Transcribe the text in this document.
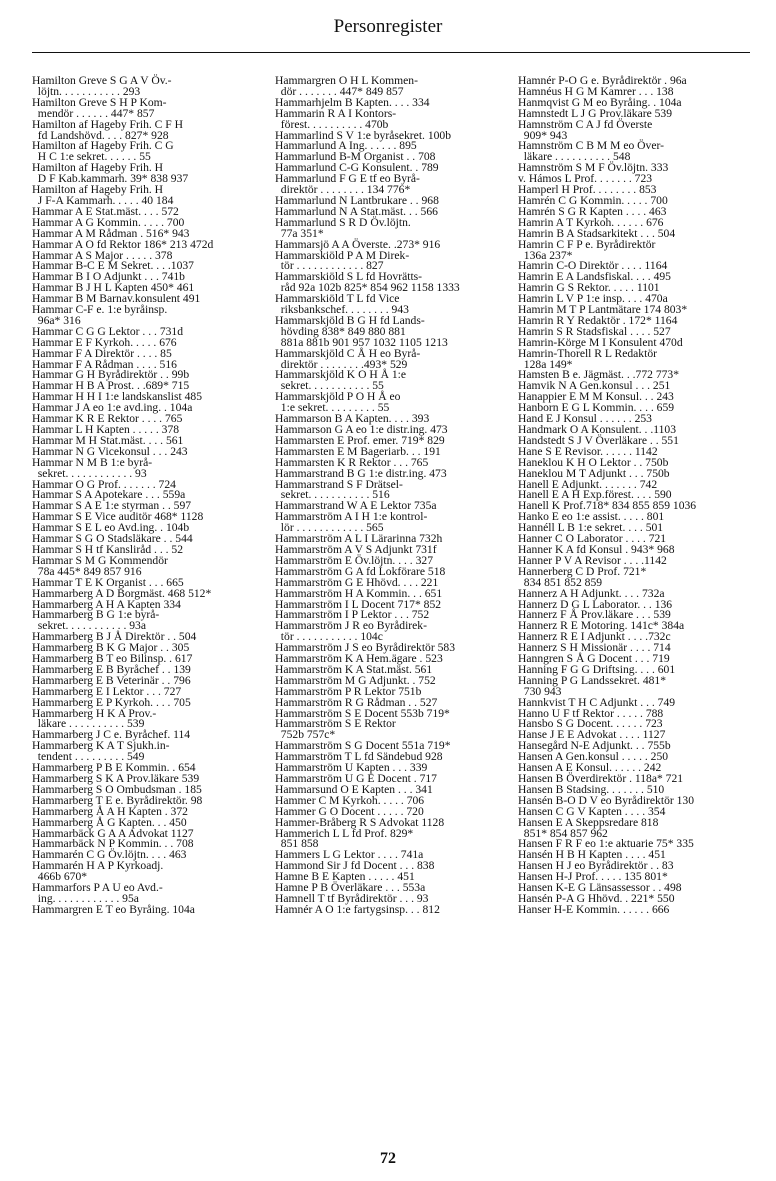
Personregister
Hamilton Greve S G A V Öv.-
löjtn. . . . . . . . . . . 293
Hamilton Greve S H P Kom-
mendör . . . . . . 447* 857
Hamilton af Hageby Frih. C F H
fd Landshövd. . . . 827* 928
Hamilton af Hageby Frih. C G
H C 1:e sekret. . . . . . 55
Hamilton af Hageby Frih. H
D F Kab.kammarh. 39* 838 937
Hamilton af Hageby Frih. H
J F-A Kammarh. . . . . 40 184
Hammar A E Stat.mäst. . . . 572
Hammar A G Kommin. . . . . 700
Hammar A M Rådman . 516* 943
Hammar A O fd Rektor 186* 213 472d
Hammar A S Major . . . . . 378
Hammar B-C E M Sekret. . . .1037
Hammar B I O Adjunkt . . . 741b
Hammar B J H L Kapten 450* 461
Hammar B M Barnav.konsulent 491
Hammar C-F e. 1:e byråinsp.
96a* 316
Hammar C G G Lektor . . . 731d
Hammar E F Kyrkoh. . . . . 676
Hammar F A Direktör . . . . 85
Hammar F A Rådman . . . . 516
Hammar G H Byrådirektör . . 99b
Hammar H B A Prost. . .689* 715
Hammar H H I 1:e landskanslist 485
Hammar J A eo 1:e avd.ing. . 104a
Hammar K R E Rektor . . . . 765
Hammar L H Kapten . . . . . 378
Hammar M H Stat.mäst. . . . 561
Hammar N G Vicekonsul . . . 243
Hammar N M B 1:e byrå-
sekret. . . . . . . . . . . . 93
Hammar O G Prof. . . . . . . 724
Hammar S A Apotekare . . . 559a
Hammar S A E 1:e styrman . . 597
Hammar S E Vice auditör 468* 1128
Hammar S E L eo Avd.ing. . 104b
Hammar S G O Stadsläkare . . 544
Hammar S H tf Kanslіråd . . . 52
Hammar S M G Kommendör
78a 445* 849 857 916
Hammar T E K Organist . . . 665
Hammarberg A D Borgmäst. 468 512*
Hammarberg A H A Kapten 334
Hammarberg B G 1:e byrå-
sekret. . . . . . . . . . . 93a
Hammarberg B J Å Direktör . . 504
Hammarberg B K G Major . . 305
Hammarberg B T eo Bilinsp. . 617
Hammarberg E B Byråchef . . 139
Hammarberg E B Veterinär . . 796
Hammarberg E I Lektor . . . 727
Hammarberg E P Kyrkoh. . . . 705
Hammarberg H K A Prov.-
läkare . . . . . . . . . . 539
Hammarberg J C e. Byråchef. 114
Hammarberg K A T Sjukh.in-
tendent . . . . . . . . . 549
Hammarberg P B E Kommin. . 654
Hammarberg S K A Prov.läkare 539
Hammarberg S O Ombudsman . 185
Hammarberg T E e. Byrådirektör. 98
Hammarberg Å A H Kapten . 372
Hammarberg Å G Kapten. . . 450
Hammarbäck G A A Advokat 1127
Hammarbäck N P Kommin. . . 708
Hammarén C G Öv.löjtn. . . . 463
Hammarén H A P Kyrkoadj.
466b 670*
Hammarfors P A U eo Avd.-
ing. . . . . . . . . . . . 95a
Hammargren E T eo Byråing. 104a
Hammargren O H L Kommen-
dör . . . . . . . 447* 849 857
Hammarhjelm B Kapten. . . . 334
Hammarin R A I Kontors-
förest. . . . . . . . . . 470b
Hammarlind S V 1:e byråsekret. 100b
Hammarlund A Ing. . . . . . 895
Hammarlund B-M Organist . . 708
Hammarlund C-G Konsulent. . 789
Hammarlund F G E tf eo Byrå-
direktör . . . . . . . . 134 776*
Hammarlund N Lantbrukare . . 968
Hammarlund N A Stat.mäst. . . 566
Hammarlund S R D Öv.löjtn.
77a 351*
Hammarsjö A A Överste. .273* 916
Hammarskiöld P A M Direk-
tör . . . . . . . . . . . . 827
Hammarskiöld S L fd Hovrätts-
råd 92a 102b 825* 854 962 1158 1333
Hammarskiöld T L fd Vice
riksbankschef. . . . . . . . 943
Hammarskjöld B G H fd Lands-
hövding 838* 849 880 881
881a 881b 901 957 1032 1105 1213
Hammarskjöld C Å H eo Byrå-
direktör . . . . . . . .493* 529
Hammarskjöld K O H Å 1:e
sekret. . . . . . . . . . . 55
Hammarskjöld P O H Å eo
1:e sekret. . . . . . . . . 55
Hammarson B A Kapten. . . . 393
Hammarson G A eo 1:e distr.ing. 473
Hammarsten E Prof. emer. 719* 829
Hammarsten E M Bageriarb. . . 191
Hammarsten K R Rektor . . . 765
Hammarstrand B G 1:e distr.ing. 473
Hammarstrand S F Drätsel-
sekret. . . . . . . . . . . 516
Hammarstrand W A E Lektor 735a
Hammarström A I H 1:e kontrol-
lör . . . . . . . . . . . . 565
Hammarström A L I Lärarinna 732h
Hammarström A V S Adjunkt 731f
Hammarström E Öv.löjtn. . . . 327
Hammarström G A fd Lokförare 518
Hammarström G E Hhövd. . . . 221
Hammarström H A Kommin. . . 651
Hammarström I L Docent 717* 852
Hammarström I P Lektor . . . 752
Hammarström J R eo Byrådirek-
tör . . . . . . . . . . . 104c
Hammarström J S eo Byrådirektör 583
Hammarström K A Hem.ägare . 523
Hammarström K A Stat.mäst. 561
Hammarström M G Adjunkt. . 752
Hammarström P R Lektor 751b
Hammarström R G Rådman . . 527
Hammarström S E Docent 553b 719*
Hammarström S E Rektor
752b 757c*
Hammarström S G Docent 551a 719*
Hammarström T L fd Sändebud 928
Hammarström U Kapten . . . 339
Hammarström U G E Docent . 717
Hammarsund O E Kapten . . . 341
Hammer C M Kyrkoh. . . . . 706
Hammer G O Docent . . . . . 720
Hammer-Bråberg R S Advokat 1128
Hammerich L L fd Prof. 829*
851 858
Hammers L G Lektor . . . . 741a
Hammond Sir J fd Docent . . . 838
Hamne B E Kapten . . . . . 451
Hamne P B Överläkare . . . 553a
Hamnell T tf Byrådirektör . . . 93
Hamnér A O 1:e fartygsinsp. . . 812
Hamnér P-O G e. Byrådirektör . 96a
Hamnéus H G M Kamrer . . . 138
Hanmqvist G M eo Byråing. . 104a
Hamnstedt L J G Prov.läkare 539
Hamnström C A J fd Överste
909* 943
Hamnström C B M M eo Över-
läkare . . . . . . . . . . 548
Hamnström S M F Öv.löjtn. 333
v. Hámos L Prof. . . . . . . 723
Hamperl H Prof. . . . . . . . 853
Hamrén C G Kommin. . . . . 700
Hamrén S G R Kapten . . . . 463
Hamrin A T Kyrkoh. . . . . . 676
Hamrin B A Stadsarkitekt . . . 504
Hamrin C F P e. Byrådirektör
136a 237*
Hamrin C-O Direktör . . . . 1164
Hamrin E A Landsfiskal. . . . 495
Hamrin G S Rektor. . . . . 1101
Hamrin L V P 1:e insp. . . . 470a
Hamrin M T P Lantmätare 174 803*
Hamrin R Y Redaktör . 172* 1164
Hamrin S R Stadsfiskal . . . . 527
Hamrin-Körge M I Konsulent 470d
Hamrin-Thorell R L Redaktör
128a 149*
Hamsten B e. Jägmäst. . .772 773*
Hamvik N A Gen.konsul . . . 251
Hanappier E M M Konsul. . . 243
Hanborn E G L Kommin. . . . 659
Hand E J Konsul . . . . . . 253
Handmark O A Konsulent. . .1103
Handstedt S J V Överläkare . . 551
Hane S E Revisor. . . . . . 1142
Haneklou K H O Lektor . . 750b
Haneklou M T Adjunkt . . . 750b
Hanell E Adjunkt. . . . . . . 742
Hanell E A H Exp.förest. . . . 590
Hanell K Prof.718* 834 855 859 1036
Hanko E eo 1:e assist. . . . . 801
Hannéll L B 1:e sekret. . . . 501
Hanner C O Laborator . . . . 721
Hanner K A fd Konsul . 943* 968
Hanner P V A Revisor . . . .1142
Hannerberg C D Prof. 721*
834 851 852 859
Hannerz A H Adjunkt. . . . 732a
Hannerz D G L Laborator. . . 136
Hannerz F Å Prov.läkare . . . 539
Hannerz R E Motoring. 141c* 384a
Hannerz R E I Adjunkt . . . .732c
Hannerz S H Missionär . . . . 714
Hanngren S Å G Docent . . . 719
Hanning F G G Driftsing. . . . 601
Hanning P G Landssekret. 481*
730 943
Hannkvist T H C Adjunkt . . . 749
Hanno U F tf Rektor . . . . . 788
Hansbo S G Docent. . . . . . 723
Hanse J E E Advokat . . . . 1127
Hansegård N-E Adjunkt. . . 755b
Hansen A Gen.konsul . . . . . 250
Hansen A E Konsul. . . . . . 242
Hansen B Överdirektör . 118a* 721
Hansen B Stadsing. . . . . . . 510
Hansén B-O D V eo Byrådirektör 130
Hansen C G V Kapten . . . . 354
Hansen E A Skeppsredare 818
851* 854 857 962
Hansen F R F eo 1:e aktuarie 75* 335
Hansén H B H Kapten . . . . 451
Hansen H J eo Byrådirektör . . 83
Hansen H-J Prof. . . . . 135 801*
Hansen K-E G Länsassessor . . 498
Hansén P-A G Hhövd. . 221* 550
Hanser H-E Kommin. . . . . . 666
72
